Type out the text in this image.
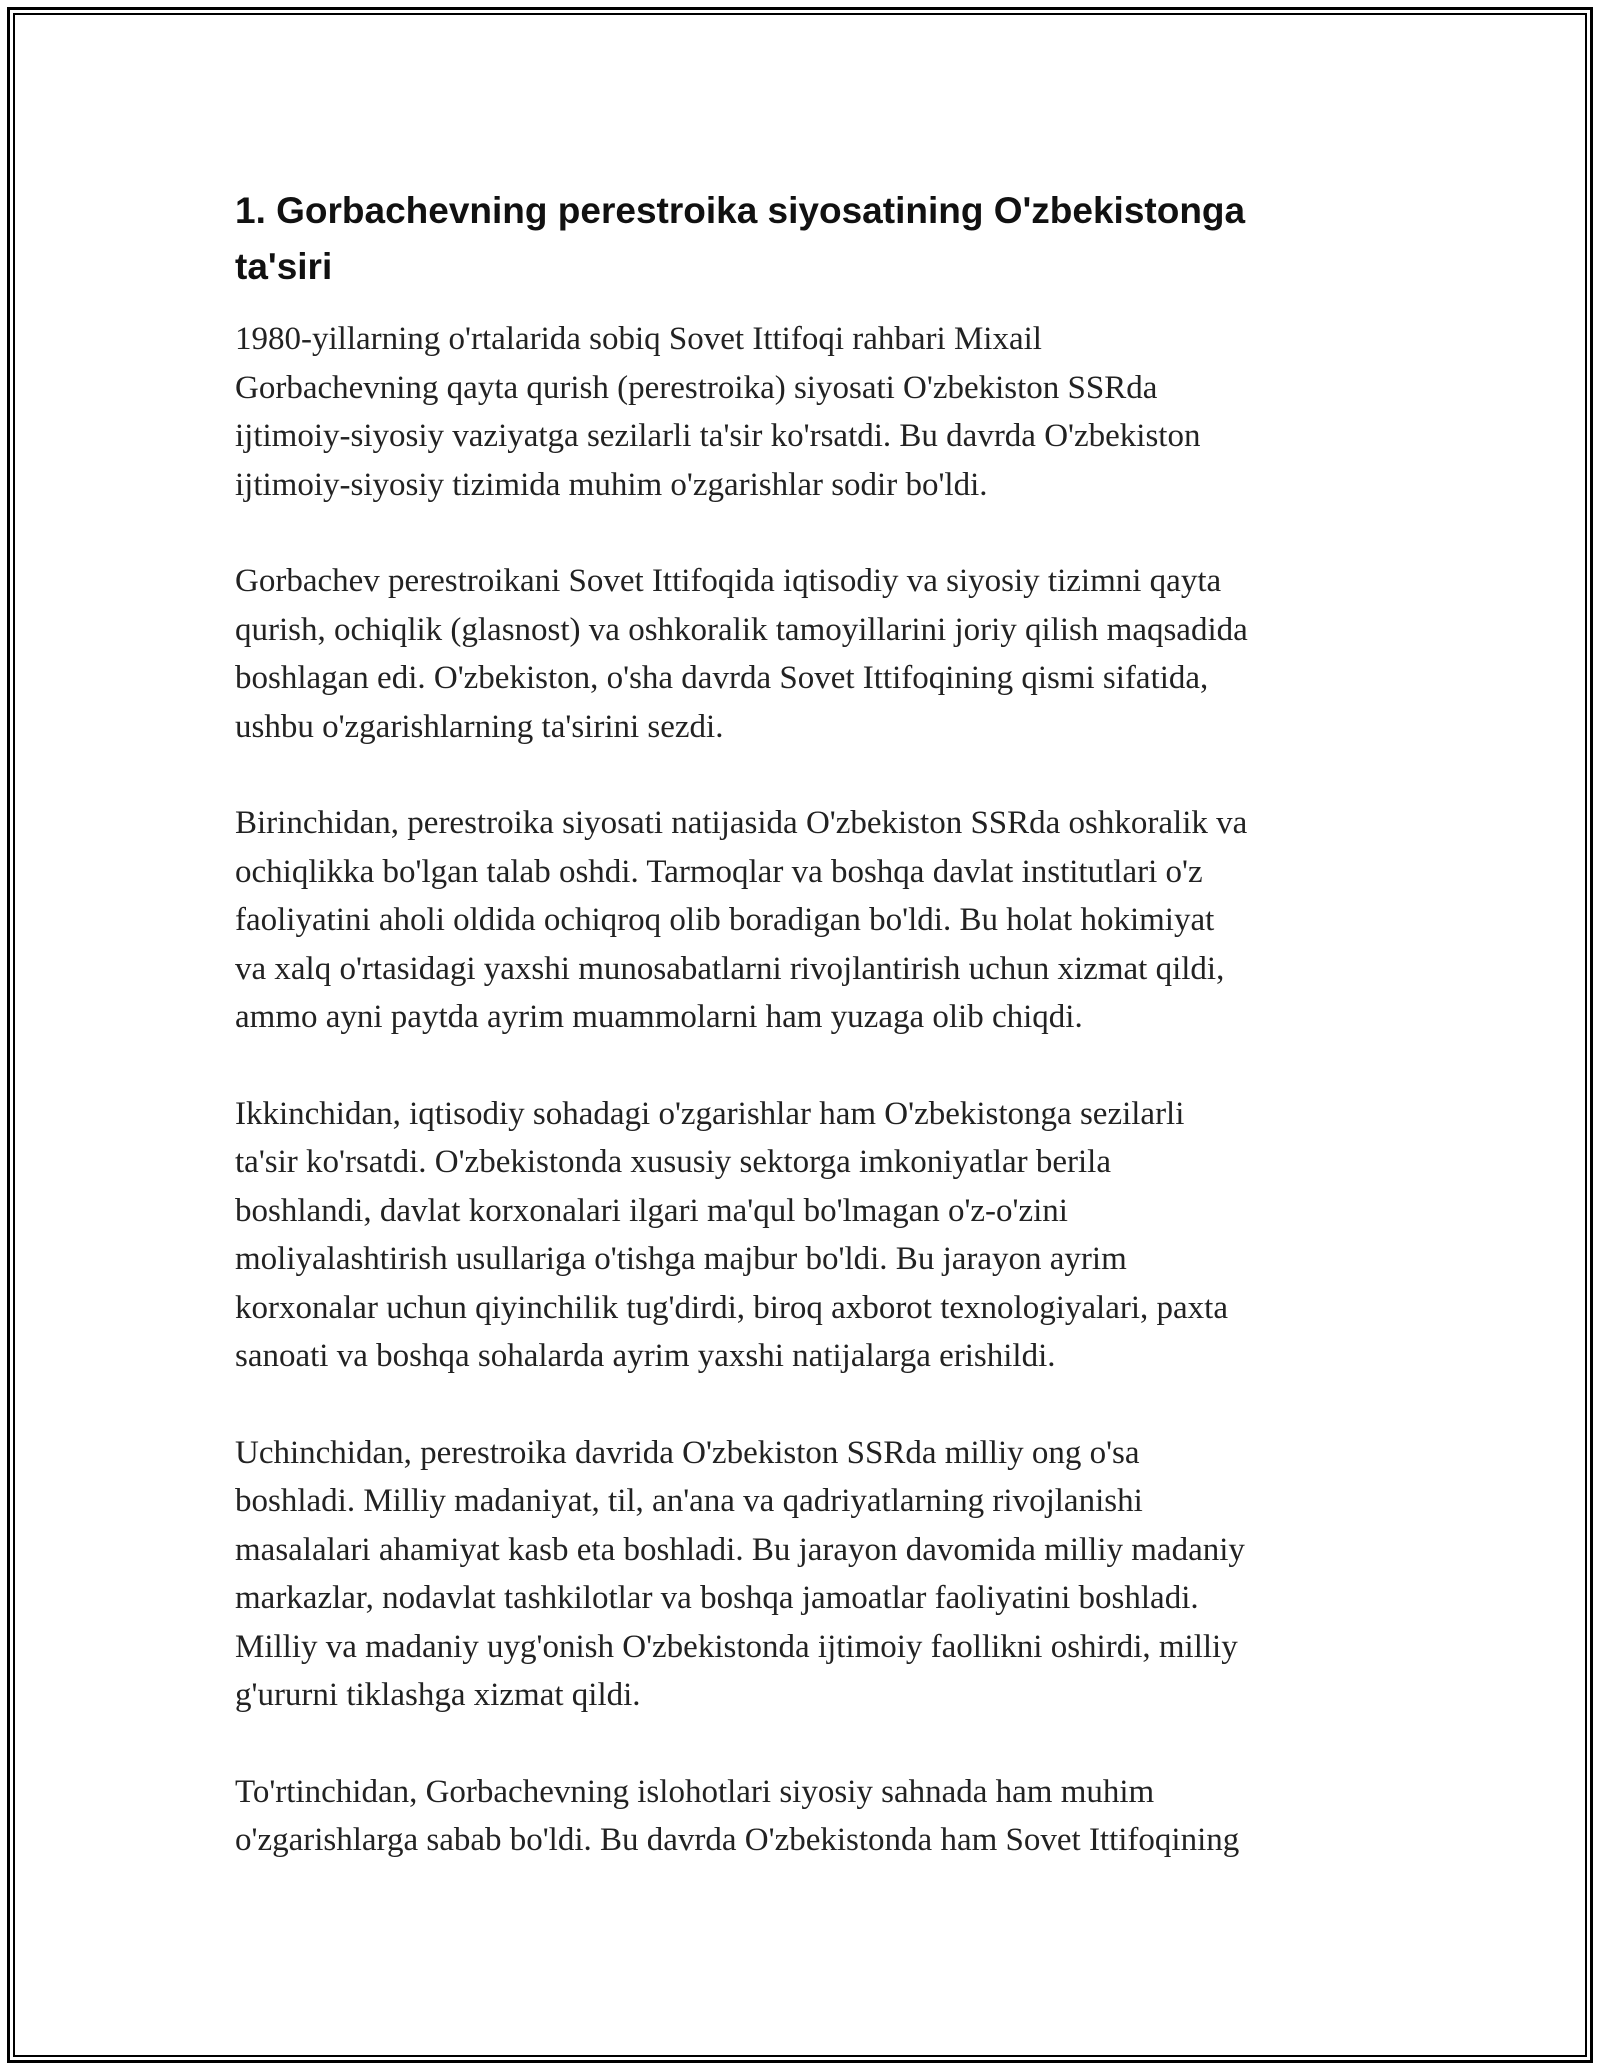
1. Gorbachevning perestroika siyosatining O'zbekistonga
ta'siri

1980-yillarning o'rtalarida sobiq Sovet Ittifoqi rahbari Mixail
Gorbachevning qayta qurish (perestroika) siyosati O'zbekiston SSRda
ijtimoiy-siyosiy vaziyatga sezilarli ta'sir ko'rsatdi. Bu davrda O'zbekiston
ijtimoiy-siyosiy tizimida muhim o'zgarishlar sodir bo'ldi.

Gorbachev perestroikani Sovet Ittifoqida iqtisodiy va siyosiy tizimni qayta
qurish, ochiqlik (glasnost) va oshkoralik tamoyillarini joriy qilish maqsadida
boshlagan edi. O'zbekiston, o'sha davrda Sovet Ittifoqining qismi sifatida,
ushbu o'zgarishlarning ta'sirini sezdi.

Birinchidan, perestroika siyosati natijasida O'zbekiston SSRda oshkoralik va
ochiqlikka bo'lgan talab oshdi. Tarmoqlar va boshqa davlat institutlari o'z
faoliyatini aholi oldida ochiqroq olib boradigan bo'ldi. Bu holat hokimiyat
va xalq o'rtasidagi yaxshi munosabatlarni rivojlantirish uchun xizmat qildi,
ammo ayni paytda ayrim muammolarni ham yuzaga olib chiqdi.

Ikkinchidan, iqtisodiy sohadagi o'zgarishlar ham O'zbekistonga sezilarli
ta'sir ko'rsatdi. O'zbekistonda xususiy sektorga imkoniyatlar berila
boshlandi, davlat korxonalari ilgari ma'qul bo'lmagan o'z-o'zini
moliyalashtirish usullariga o'tishga majbur bo'ldi. Bu jarayon ayrim
korxonalar uchun qiyinchilik tug'dirdi, biroq axborot texnologiyalari, paxta
sanoati va boshqa sohalarda ayrim yaxshi natijalarga erishildi.

Uchinchidan, perestroika davrida O'zbekiston SSRda milliy ong o'sa
boshladi. Milliy madaniyat, til, an'ana va qadriyatlarning rivojlanishi
masalalari ahamiyat kasb eta boshladi. Bu jarayon davomida milliy madaniy
markazlar, nodavlat tashkilotlar va boshqa jamoatlar faoliyatini boshladi.
Milliy va madaniy uyg'onish O'zbekistonda ijtimoiy faollikni oshirdi, milliy
g'ururni tiklashga xizmat qildi.

To'rtinchidan, Gorbachevning islohotlari siyosiy sahnada ham muhim
o'zgarishlarga sabab bo'ldi. Bu davrda O'zbekistonda ham Sovet Ittifoqining
